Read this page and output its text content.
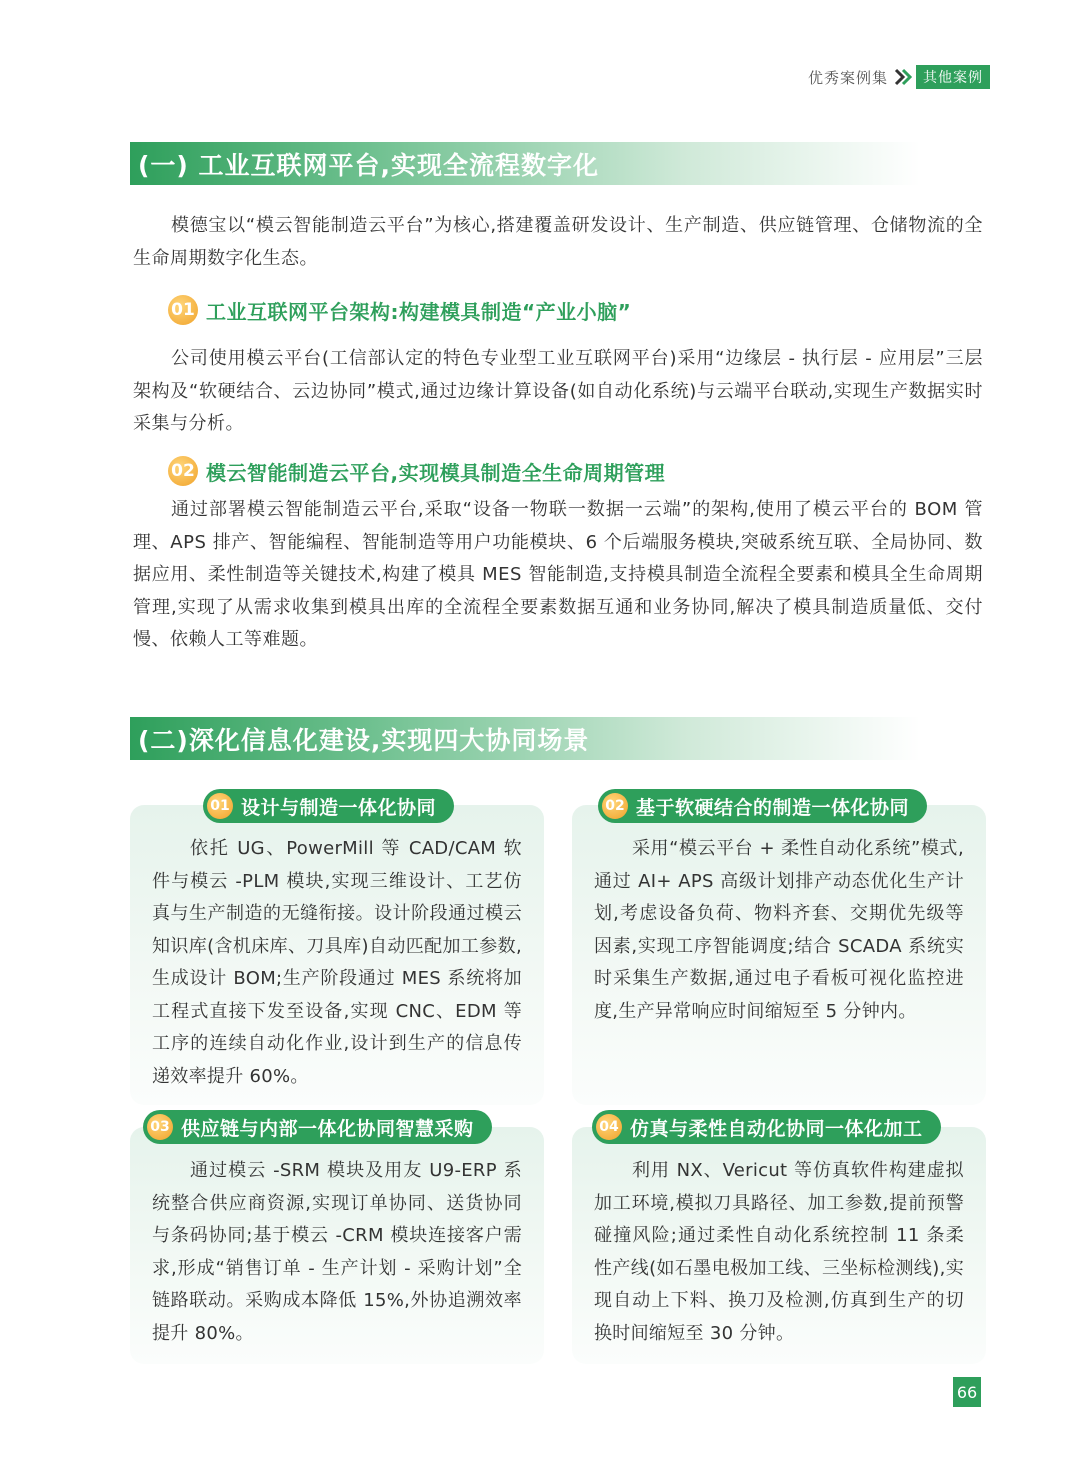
优秀案例集	其他案例
(一) 工业互联网平台,实现全流程数字化
模德宝以“模云智能制造云平台”为核心,搭建覆盖研发设计、生产制造、供应链管理、仓储物流的全生命周期数字化生态。
01 工业互联网平台架构:构建模具制造“产业小脑”
公司使用模云平台(工信部认定的特色专业型工业互联网平台)采用“边缘层 - 执行层 - 应用层”三层架构及“软硬结合、云边协同”模式,通过边缘计算设备(如自动化系统)与云端平台联动,实现生产数据实时采集与分析。
02 模云智能制造云平台,实现模具制造全生命周期管理
通过部署模云智能制造云平台,采取“设备一物联一数据一云端”的架构,使用了模云平台的 BOM 管理、APS 排产、智能编程、智能制造等用户功能模块、6 个后端服务模块,突破系统互联、全局协同、数据应用、柔性制造等关键技术,构建了模具 MES 智能制造,支持模具制造全流程全要素和模具全生命周期管理,实现了从需求收集到模具出库的全流程全要素数据互通和业务协同,解决了模具制造质量低、交付慢、依赖人工等难题。
(二)深化信息化建设,实现四大协同场景
依托 UG、PowerMill 等 CAD/CAM 软件与模云 -PLM 模块,实现三维设计、工艺仿真与生产制造的无缝衔接。设计阶段通过模云知识库(含机床库、刀具库)自动匹配加工参数,生成设计 BOM;生产阶段通过 MES 系统将加工程式直接下发至设备,实现 CNC、EDM 等工序的连续自动化作业,设计到生产的信息传递效率提升 60%。
01 设计与制造一体化协同
采用“模云平台 + 柔性自动化系统”模式,通过 AI+ APS 高级计划排产动态优化生产计划,考虑设备负荷、物料齐套、交期优先级等因素,实现工序智能调度;结合 SCADA 系统实时采集生产数据,通过电子看板可视化监控进度,生产异常响应时间缩短至 5 分钟内。
02 基于软硬结合的制造一体化协同
通过模云 -SRM 模块及用友 U9-ERP 系统整合供应商资源,实现订单协同、送货协同与条码协同;基于模云 -CRM 模块连接客户需求,形成“销售订单 - 生产计划 - 采购计划”全链路联动。采购成本降低 15%,外协追溯效率提升 80%。
03 供应链与内部一体化协同智慧采购
利用 NX、Vericut 等仿真软件构建虚拟加工环境,模拟刀具路径、加工参数,提前预警碰撞风险;通过柔性自动化系统控制 11 条柔性产线(如石墨电极加工线、三坐标检测线),实现自动上下料、换刀及检测,仿真到生产的切换时间缩短至 30 分钟。
04 仿真与柔性自动化协同一体化加工
66
